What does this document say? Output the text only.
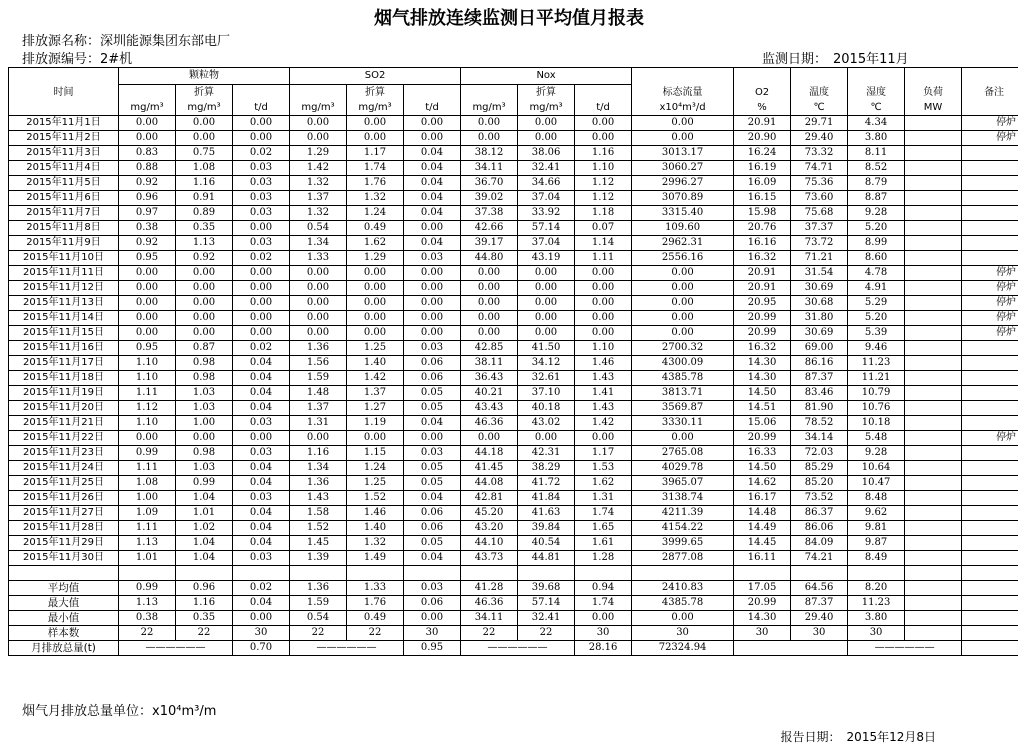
烟气排放连续监测日平均值月报表
排放源名称：深圳能源集团东部电厂
排放源编号：2#机	监测日期： 2015年11月
	颗粒物			SO2			Nox								
时间		折算			折算			折算		标态流量	O2	温度	湿度	负荷	备注
	mg/m³	mg/m³	t/d	mg/m³	mg/m³	t/d	mg/m³	mg/m³	t/d	x10⁴m³/d	%	℃	℃	MW	
2015年11月1日	0.00	0.00	0.00	0.00	0.00	0.00	0.00	0.00	0.00	0.00	20.91	29.71	4.34		停炉
2015年11月2日	0.00	0.00	0.00	0.00	0.00	0.00	0.00	0.00	0.00	0.00	20.90	29.40	3.80		停炉
2015年11月3日	0.83	0.75	0.02	1.29	1.17	0.04	38.12	38.06	1.16	3013.17	16.24	73.32	8.11		
2015年11月4日	0.88	1.08	0.03	1.42	1.74	0.04	34.11	32.41	1.10	3060.27	16.19	74.71	8.52		
2015年11月5日	0.92	1.16	0.03	1.32	1.76	0.04	36.70	34.66	1.12	2996.27	16.09	75.36	8.79		
2015年11月6日	0.96	0.91	0.03	1.37	1.32	0.04	39.02	37.04	1.12	3070.89	16.15	73.60	8.87		
2015年11月7日	0.97	0.89	0.03	1.32	1.24	0.04	37.38	33.92	1.18	3315.40	15.98	75.68	9.28		
2015年11月8日	0.38	0.35	0.00	0.54	0.49	0.00	42.66	57.14	0.07	109.60	20.76	37.37	5.20		
2015年11月9日	0.92	1.13	0.03	1.34	1.62	0.04	39.17	37.04	1.14	2962.31	16.16	73.72	8.99		
2015年11月10日	0.95	0.92	0.02	1.33	1.29	0.03	44.80	43.19	1.11	2556.16	16.32	71.21	8.60		
2015年11月11日	0.00	0.00	0.00	0.00	0.00	0.00	0.00	0.00	0.00	0.00	20.91	31.54	4.78		停炉
2015年11月12日	0.00	0.00	0.00	0.00	0.00	0.00	0.00	0.00	0.00	0.00	20.91	30.69	4.91		停炉
2015年11月13日	0.00	0.00	0.00	0.00	0.00	0.00	0.00	0.00	0.00	0.00	20.95	30.68	5.29		停炉
2015年11月14日	0.00	0.00	0.00	0.00	0.00	0.00	0.00	0.00	0.00	0.00	20.99	31.80	5.20		停炉
2015年11月15日	0.00	0.00	0.00	0.00	0.00	0.00	0.00	0.00	0.00	0.00	20.99	30.69	5.39		停炉
2015年11月16日	0.95	0.87	0.02	1.36	1.25	0.03	42.85	41.50	1.10	2700.32	16.32	69.00	9.46		
2015年11月17日	1.10	0.98	0.04	1.56	1.40	0.06	38.11	34.12	1.46	4300.09	14.30	86.16	11.23		
2015年11月18日	1.10	0.98	0.04	1.59	1.42	0.06	36.43	32.61	1.43	4385.78	14.30	87.37	11.21		
2015年11月19日	1.11	1.03	0.04	1.48	1.37	0.05	40.21	37.10	1.41	3813.71	14.50	83.46	10.79		
2015年11月20日	1.12	1.03	0.04	1.37	1.27	0.05	43.43	40.18	1.43	3569.87	14.51	81.90	10.76		
2015年11月21日	1.10	1.00	0.03	1.31	1.19	0.04	46.36	43.02	1.42	3330.11	15.06	78.52	10.18		
2015年11月22日	0.00	0.00	0.00	0.00	0.00	0.00	0.00	0.00	0.00	0.00	20.99	34.14	5.48		停炉
2015年11月23日	0.99	0.98	0.03	1.16	1.15	0.03	44.18	42.31	1.17	2765.08	16.33	72.03	9.28		
2015年11月24日	1.11	1.03	0.04	1.34	1.24	0.05	41.45	38.29	1.53	4029.78	14.50	85.29	10.64		
2015年11月25日	1.08	0.99	0.04	1.36	1.25	0.05	44.08	41.72	1.62	3965.07	14.62	85.20	10.47		
2015年11月26日	1.00	1.04	0.03	1.43	1.52	0.04	42.81	41.84	1.31	3138.74	16.17	73.52	8.48		
2015年11月27日	1.09	1.01	0.04	1.58	1.46	0.06	45.20	41.63	1.74	4211.39	14.48	86.37	9.62		
2015年11月28日	1.11	1.02	0.04	1.52	1.40	0.06	43.20	39.84	1.65	4154.22	14.49	86.06	9.81		
2015年11月29日	1.13	1.04	0.04	1.45	1.32	0.05	44.10	40.54	1.61	3999.65	14.45	84.09	9.87		
2015年11月30日	1.01	1.04	0.03	1.39	1.49	0.04	43.73	44.81	1.28	2877.08	16.11	74.21	8.49		

平均值	0.99	0.96	0.02	1.36	1.33	0.03	41.28	39.68	0.94	2410.83	17.05	64.56	8.20		
最大值	1.13	1.16	0.04	1.59	1.76	0.06	46.36	57.14	1.74	4385.78	20.99	87.37	11.23		
最小值	0.38	0.35	0.00	0.54	0.49	0.00	34.11	32.41	0.00	0.00	14.30	29.40	3.80		
样本数	22	22	30	22	22	30	22	22	30	30	30	30	30		
月排放总量(t)	——————		0.70	——————		0.95	——————		28.16	72324.94			——————		
烟气月排放总量单位：x10⁴m³/m
报告日期： 2015年12月8日
